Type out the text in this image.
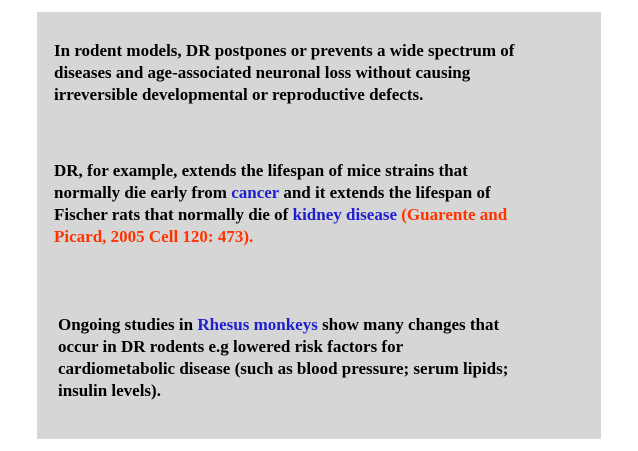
In rodent models, DR postpones or prevents a wide spectrum of
diseases and age-associated neuronal loss without causing
irreversible developmental or reproductive defects.

DR, for example, extends the lifespan of mice strains that
normally die early from cancer and it extends the lifespan of
Fischer rats that normally die of kidney disease (Guarente and
Picard, 2005 Cell 120: 473).

Ongoing studies in Rhesus monkeys show many changes that
occur in DR rodents e.g lowered risk factors for
cardiometabolic disease (such as blood pressure; serum lipids;
insulin levels).
